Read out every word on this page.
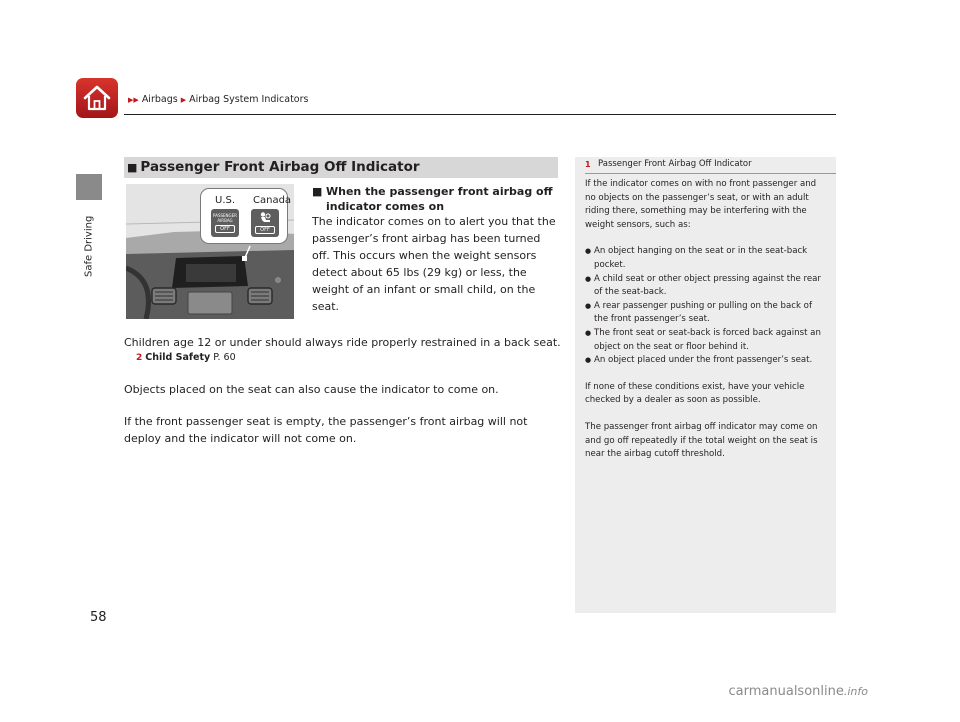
Safe Driving
▶▶ Airbags ▶ Airbag System Indicators
■ Passenger Front Airbag Off Indicator
U.S. Canada
PASSENGER
AIRBAG
OFF	OFF
■ When the passenger front airbag off indicator comes on
The indicator comes on to alert you that the passenger’s front airbag has been turned off. This occurs when the weight sensors detect about 65 lbs (29 kg) or less, the weight of an infant or small child, on the seat.
Children age 12 or under should always ride properly restrained in a back seat.
2 Child Safety P. 60
Objects placed on the seat can also cause the indicator to come on.
If the front passenger seat is empty, the passenger’s front airbag will not deploy and the indicator will not come on.
1 Passenger Front Airbag Off Indicator

If the indicator comes on with no front passenger and no objects on the passenger’s seat, or with an adult riding there, something may be interfering with the weight sensors, such as:

● An object hanging on the seat or in the seat-back pocket.
● A child seat or other object pressing against the rear of the seat-back.
● A rear passenger pushing or pulling on the back of the front passenger’s seat.
● The front seat or seat-back is forced back against an object on the seat or floor behind it.
● An object placed under the front passenger’s seat.

If none of these conditions exist, have your vehicle checked by a dealer as soon as possible.

The passenger front airbag off indicator may come on and go off repeatedly if the total weight on the seat is near the airbag cutoff threshold.

58
carmanualsonline.info
